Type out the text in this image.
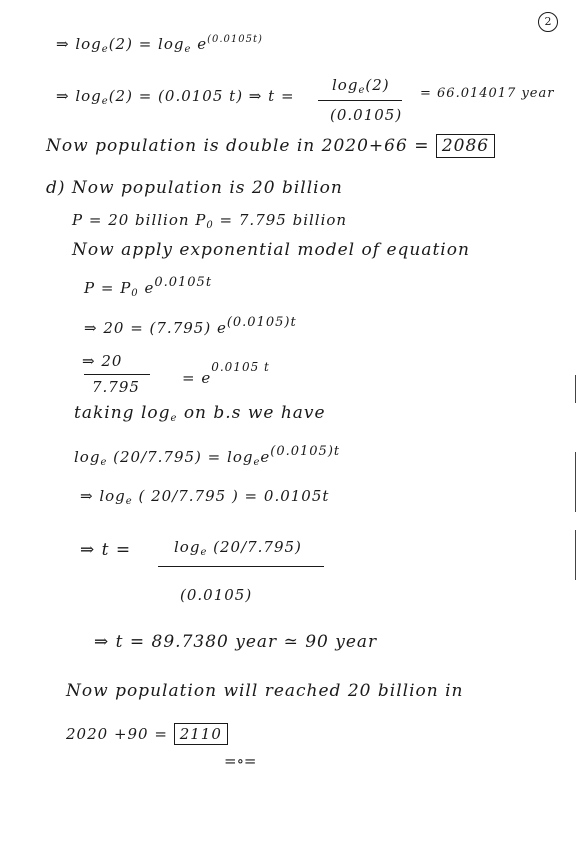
2
⇒ $\log_e(2) = \log_e e^{(0.0105t)}$
⇒ $\log_e(2) = (0.0105$ t) ⇒ t =
$\log_e(2)$
(0.0105)
= 66.014017 year
Now population is double in 2020+66 = 2086
d) Now population is 20 billion
P = 20 billion $P_0 = 7.795$ billion
Now apply exponential model of equation
$P = P_0$ $e^{0.0105t}$
⇒ 20 = (7.795) $e^{(0.0105)t}$
⇒ 20
7.795	= $e^{0.0105 t}$
taking $\log_e$ on b.s we have
$\log_e (20/7.795) = \log_ee^{(0.0105)t}$
⇒ $\log_e$ ( 20/7.795 ) = 0.0105t
⇒ t =	$\log_e (20/7.795)$
(0.0105)
⇒ t = 89.7380 year ≃ 90 year
Now population will reached 20 billion in
2020 +90 = 2110
=∘=
